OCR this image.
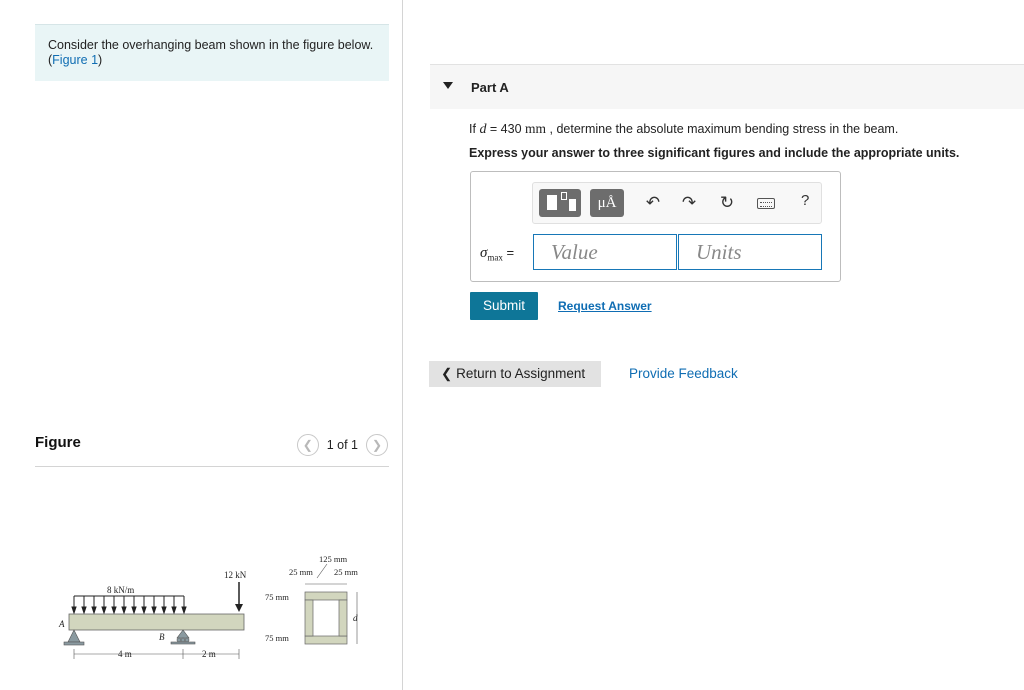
Consider the overhanging beam shown in the figure below. (Figure 1)
Figure	❮ 1 of 1 ❯
8 kN/m
12 kN
A
B
4 m	2 m
125 mm
25 mm 25 mm
75 mm
75 mm
d
Part A
If d = 430 mm , determine the absolute maximum bending stress in the beam.
Express your answer to three significant figures and include the appropriate units.
μÅ	↶ ↷ ↻	?
$\sigma_{max}$ =	Value	Units
Submit	Request Answer
❮ Return to Assignment	Provide Feedback
